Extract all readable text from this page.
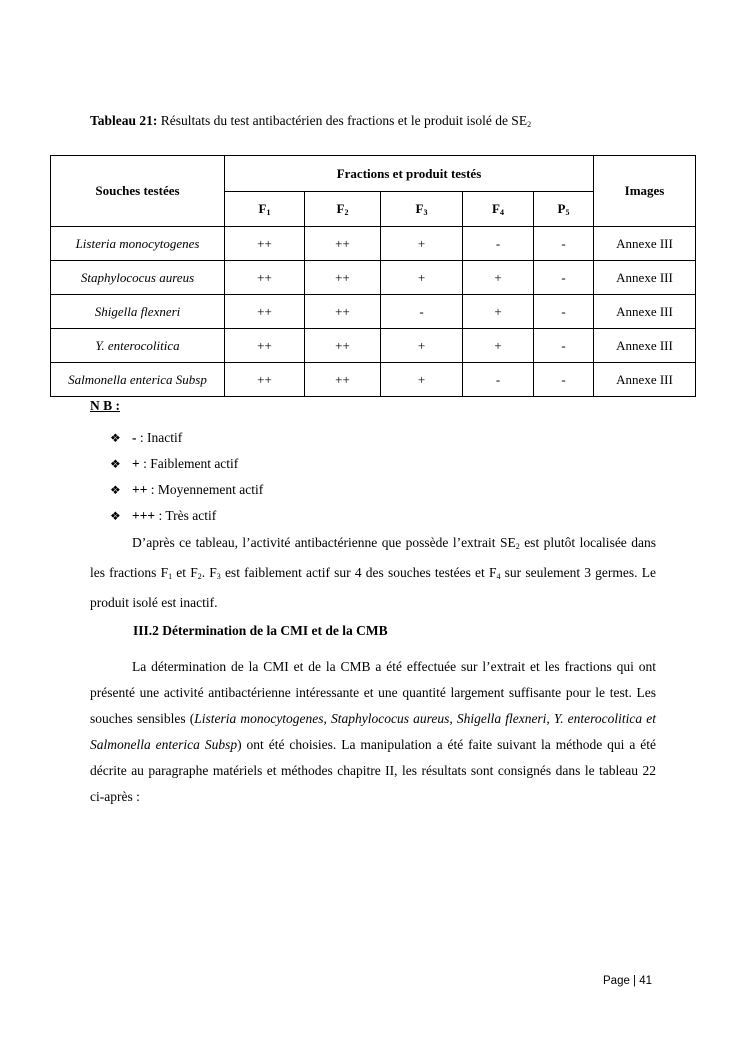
Tableau 21: Résultats du test antibactérien des fractions et le produit isolé de $SE_2$
Souches testées	Fractions et produit testés					Images
	$F_1$	$F_2$	$F_3$	$F_4$	$P_5$
Listeria monocytogenes	++	++	+	-	-	Annexe III
Staphylococus aureus	++	++	+	+	-	Annexe III
Shigella flexneri	++	++	-	+	-	Annexe III
Y. enterocolitica	++	++	+	+	-	Annexe III
Salmonella enterica Subsp	++	++	+	-	-	Annexe III
N B :
❖ - : Inactif
❖ + : Faiblement actif
❖ ++ : Moyennement actif
❖ +++ : Très actif

D’après ce tableau, l’activité antibactérienne que possède l’extrait $SE_2$ est plutôt localisée dans les fractions $F_1$ et $F_2$. $F_3$ est faiblement actif sur 4 des souches testées et $F_4$ sur seulement 3 germes. Le produit isolé est inactif.

III.2 Détermination de la CMI et de la CMB

La détermination de la CMI et de la CMB a été effectuée sur l’extrait et les fractions qui ont présenté une activité antibactérienne intéressante et une quantité largement suffisante pour le test. Les souches sensibles (Listeria monocytogenes, Staphylococus aureus, Shigella flexneri, Y. enterocolitica et Salmonella enterica Subsp) ont été choisies. La manipulation a été faite suivant la méthode qui a été décrite au paragraphe matériels et méthodes chapitre II, les résultats sont consignés dans le tableau 22 ci-après :

Page | 41
